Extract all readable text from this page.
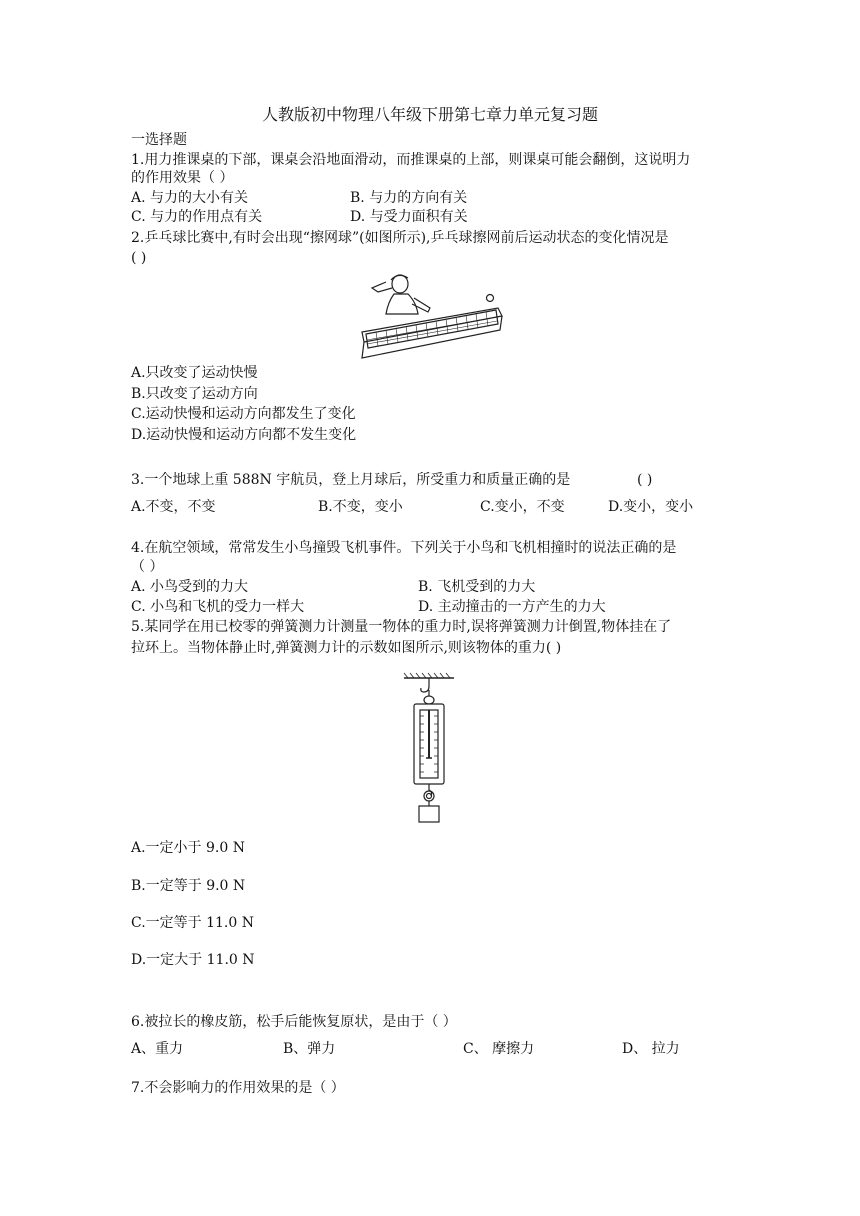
人教版初中物理八年级下册第七章力单元复习题
一选择题
1.用力推课桌的下部，课桌会沿地面滑动，而推课桌的上部，则课桌可能会翻倒，这说明力
的作用效果（ ）
A. 与力的大小有关	B. 与力的方向有关
C. 与力的作用点有关	D. 与受力面积有关
2.乒乓球比赛中,有时会出现“擦网球”(如图所示),乒乓球擦网前后运动状态的变化情况是
( )
A.只改变了运动快慢
B.只改变了运动方向
C.运动快慢和运动方向都发生了变化
D.运动快慢和运动方向都不发生变化
3.一个地球上重 588N 宇航员，登上月球后，所受重力和质量正确的是	( )
A.不变，不变	B.不变，变小	C.变小，不变	D.变小，变小
4.在航空领域，常常发生小鸟撞毁飞机事件。下列关于小鸟和飞机相撞时的说法正确的是
（ ）
A. 小鸟受到的力大	B. 飞机受到的力大
C. 小鸟和飞机的受力一样大	D. 主动撞击的一方产生的力大
5.某同学在用已校零的弹簧测力计测量一物体的重力时,误将弹簧测力计倒置,物体挂在了
拉环上。当物体静止时,弹簧测力计的示数如图所示,则该物体的重力( )
A.一定小于 9.0 N
B.一定等于 9.0 N
C.一定等于 11.0 N
D.一定大于 11.0 N
6.被拉长的橡皮筋，松手后能恢复原状，是由于（ ）
A、重力	B、弹力	C、 摩擦力	D、 拉力
7.不会影响力的作用效果的是（ ）
